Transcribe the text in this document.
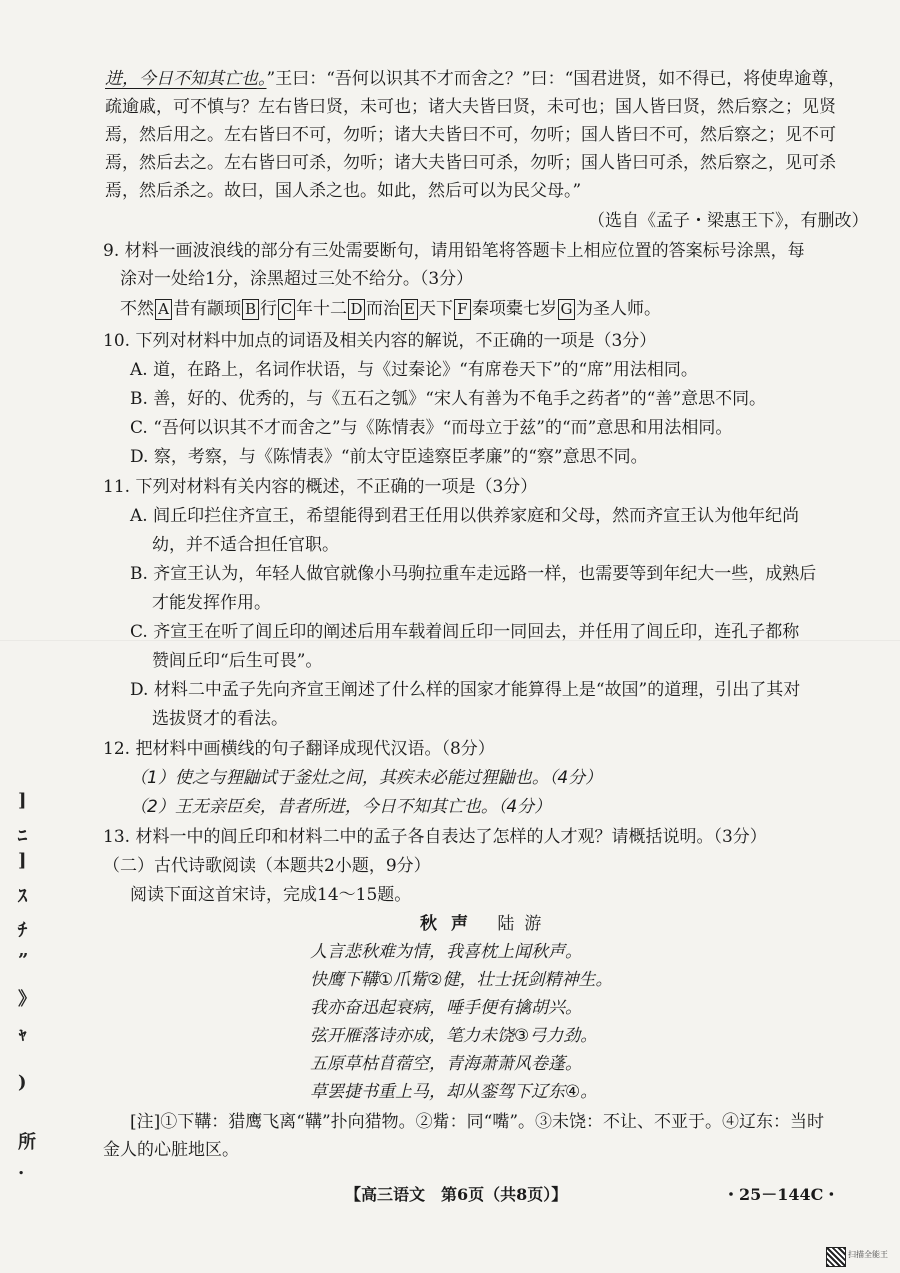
进，今日不知其亡也。”王曰：“吾何以识其不才而舍之？”曰：“国君进贤，如不得已，将使卑逾尊，
疏逾戚，可不慎与？左右皆曰贤，未可也；诸大夫皆曰贤，未可也；国人皆曰贤，然后察之；见贤
焉，然后用之。左右皆曰不可，勿听；诸大夫皆曰不可，勿听；国人皆曰不可，然后察之；见不可
焉，然后去之。左右皆曰可杀，勿听；诸大夫皆曰可杀，勿听；国人皆曰可杀，然后察之，见可杀
焉，然后杀之。故曰，国人杀之也。如此，然后可以为民父母。”
（选自《孟子・梁惠王下》，有删改）
9. 材料一画波浪线的部分有三处需要断句，请用铅笔将答题卡上相应位置的答案标号涂黑，每
涂对一处给1分，涂黑超过三处不给分。（3分）
不然 A 昔有颛顼 B 行 C 年十二 D 而治 E 天下 F 秦项橐七岁 G 为圣人师。
10. 下列对材料中加点的词语及相关内容的解说，不正确的一项是（3分）
A. 道，在路上，名词作状语，与《过秦论》“有席卷天下”的“席”用法相同。
B. 善，好的、优秀的，与《五石之瓠》“宋人有善为不龟手之药者”的“善”意思不同。
C. “吾何以识其不才而舍之”与《陈情表》“而母立于兹”的“而”意思和用法相同。
D. 察，考察，与《陈情表》“前太守臣逵察臣孝廉”的“察”意思不同。
11. 下列对材料有关内容的概述，不正确的一项是（3分）
A. 闾丘印拦住齐宣王，希望能得到君王任用以供养家庭和父母，然而齐宣王认为他年纪尚
幼，并不适合担任官职。
B. 齐宣王认为，年轻人做官就像小马驹拉重车走远路一样，也需要等到年纪大一些，成熟后
才能发挥作用。
C. 齐宣王在听了闾丘印的阐述后用车载着闾丘印一同回去，并任用了闾丘印，连孔子都称
赞闾丘印“后生可畏”。
D. 材料二中孟子先向齐宣王阐述了什么样的国家才能算得上是“故国”的道理，引出了其对
选拔贤才的看法。
12. 把材料中画横线的句子翻译成现代汉语。（8分）
（1）使之与狸鼬试于釜灶之间，其疾未必能过狸鼬也。（4分）
（2）王无亲臣矣，昔者所进，今日不知其亡也。（4分）
13. 材料一中的闾丘印和材料二中的孟子各自表达了怎样的人才观？请概括说明。（3分）
（二）古代诗歌阅读（本题共2小题，9分）
阅读下面这首宋诗，完成14～15题。
秋声 陆游
人言悲秋难为情，我喜枕上闻秋声。
快鹰下鞲①爪觜②健，壮士抚剑精神生。
我亦奋迅起衰病，唾手便有擒胡兴。
弦开雁落诗亦成，笔力未饶③弓力劲。
五原草枯苜蓿空，青海萧萧风卷蓬。
草罢捷书重上马，却从銮驾下辽东④。
[注]①下鞲：猎鹰飞离“鞲”扑向猎物。②觜：同“嘴”。③未饶：不让、不亚于。④辽东：当时
金人的心脏地区。
【高三语文　第6页（共8页）】	・25－144C・
]
ﾆ
]
ｽ
ﾁ
”
》
ｬ
)
所
.
扫描全能王
